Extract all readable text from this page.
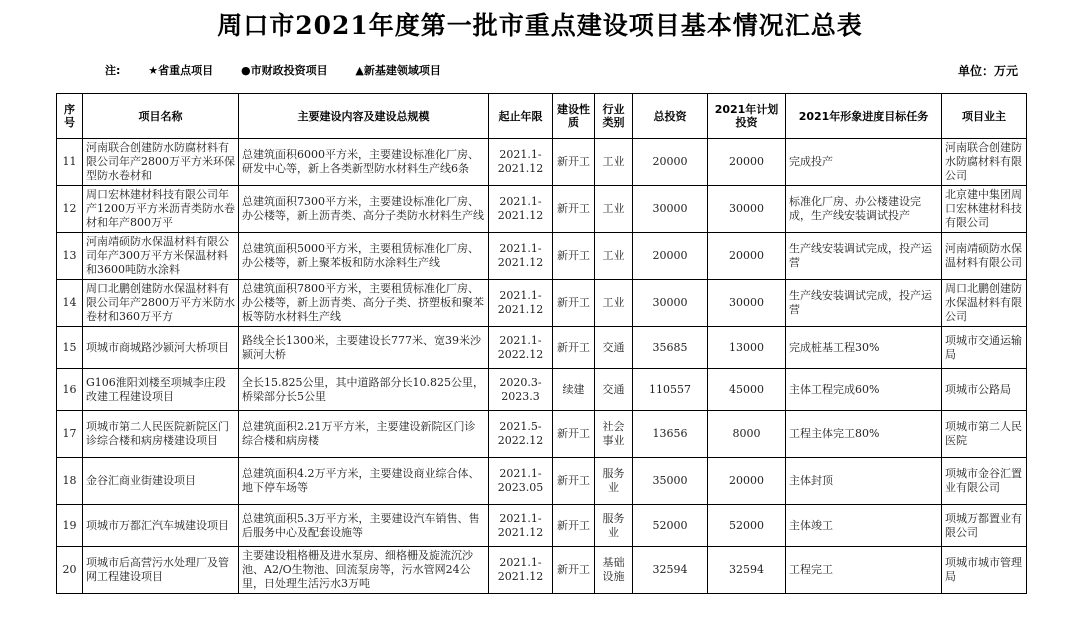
周口市2021年度第一批市重点建设项目基本情况汇总表
注:	★省重点项目	●市财政投资项目	▲新基建领域项目	单位：万元
序号	项目名称	主要建设内容及建设总规模	起止年限	建设性质	行业类别	总投资	2021年计划投资	2021年形象进度目标任务	项目业主

11	河南联合创建防水防腐材料有限公司年产2800万平方米环保型防水卷材和	总建筑面积6000平方米，主要建设标准化厂房、研发中心等，新上各类新型防水材料生产线6条	2021.1-2021.12	新开工	工业	20000	20000	完成投产	河南联合创建防水防腐材料有限公司

12	周口宏林建材科技有限公司年产1200万平方米沥青类防水卷材和年产800万平	总建筑面积7300平方米，主要建设标准化厂房、办公楼等，新上沥青类、高分子类防水材料生产线	2021.1-2021.12	新开工	工业	30000	30000	标准化厂房、办公楼建设完成，生产线安装调试投产	北京建中集团周口宏林建材科技有限公司

13	河南靖硕防水保温材料有限公司年产300万平方米保温材料和3600吨防水涂料	总建筑面积5000平方米，主要租赁标准化厂房、办公楼等，新上聚苯板和防水涂料生产线	2021.1-2021.12	新开工	工业	20000	20000	生产线安装调试完成，投产运营	河南靖硕防水保温材料有限公司

14	周口北鹏创建防水保温材料有限公司年产2800万平方米防水卷材和360万平方	总建筑面积7800平方米，主要租赁标准化厂房、办公楼等，新上沥青类、高分子类、挤塑板和聚苯板等防水材料生产线	2021.1-2021.12	新开工	工业	30000	30000	生产线安装调试完成，投产运营	周口北鹏创建防水保温材料有限公司

15	项城市商城路沙颍河大桥项目	路线全长1300米，主要建设长777米、宽39米沙颍河大桥	2021.1-2022.12	新开工	交通	35685	13000	完成桩基工程30%	项城市交通运输局

16	G106淮阳刘楼至项城李庄段改建工程建设项目	全长15.825公里，其中道路部分长10.825公里，桥梁部分长5公里	2020.3-2023.3	续建	交通	110557	45000	主体工程完成60%	项城市公路局

17	项城市第二人民医院新院区门诊综合楼和病房楼建设项目	总建筑面积2.21万平方米，主要建设新院区门诊综合楼和病房楼	2021.5-2022.12	新开工	社会事业	13656	8000	工程主体完工80%	项城市第二人民医院

18	金谷汇商业街建设项目	总建筑面积4.2万平方米，主要建设商业综合体、地下停车场等	2021.1-2023.05	新开工	服务业	35000	20000	主体封顶	项城市金谷汇置业有限公司

19	项城市万都汇汽车城建设项目	总建筑面积5.3万平方米，主要建设汽车销售、售后服务中心及配套设施等	2021.1-2021.12	新开工	服务业	52000	52000	主体竣工	项城万都置业有限公司

20	项城市后高营污水处理厂及管网工程建设项目	主要建设粗格栅及进水泵房、细格栅及旋流沉沙池、A2/O生物池、回流泵房等，污水管网24公里，日处理生活污水3万吨	2021.1-2021.12	新开工	基础设施	32594	32594	工程完工	项城市城市管理局
